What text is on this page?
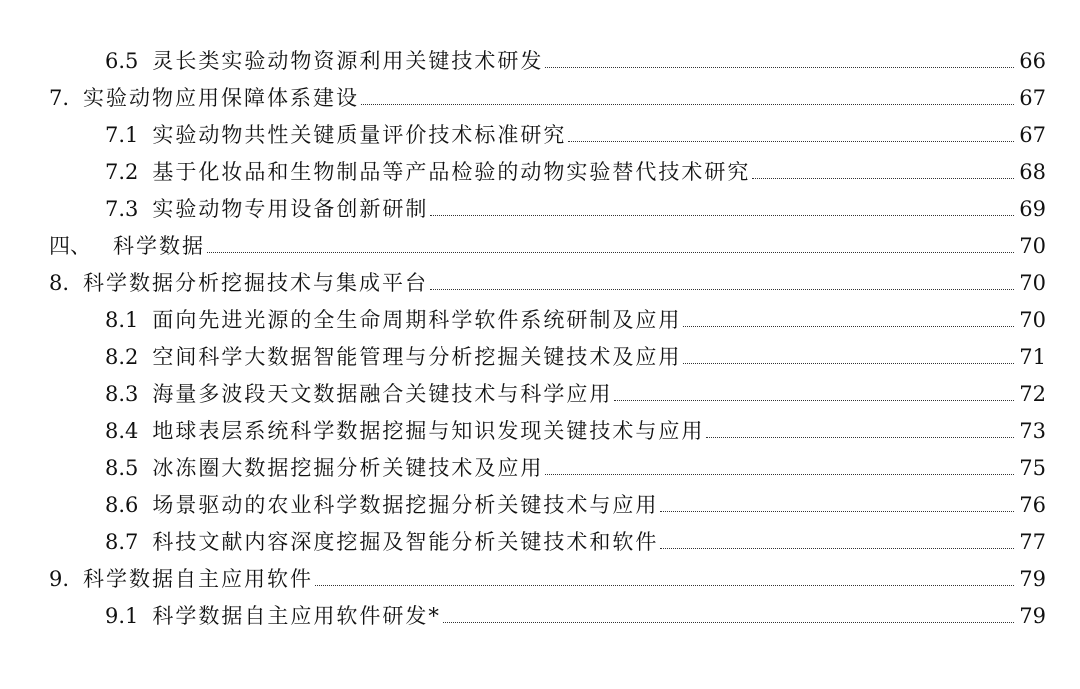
6.5 灵长类实验动物资源利用关键技术研发	66
7. 实验动物应用保障体系建设	67
7.1 实验动物共性关键质量评价技术标准研究	67
7.2 基于化妆品和生物制品等产品检验的动物实验替代技术研究	68
7.3 实验动物专用设备创新研制	69
四、 科学数据	70
8. 科学数据分析挖掘技术与集成平台	70
8.1 面向先进光源的全生命周期科学软件系统研制及应用	70
8.2 空间科学大数据智能管理与分析挖掘关键技术及应用	71
8.3 海量多波段天文数据融合关键技术与科学应用	72
8.4 地球表层系统科学数据挖掘与知识发现关键技术与应用	73
8.5 冰冻圈大数据挖掘分析关键技术及应用	75
8.6 场景驱动的农业科学数据挖掘分析关键技术与应用	76
8.7 科技文献内容深度挖掘及智能分析关键技术和软件	77
9. 科学数据自主应用软件	79
9.1 科学数据自主应用软件研发*	79
